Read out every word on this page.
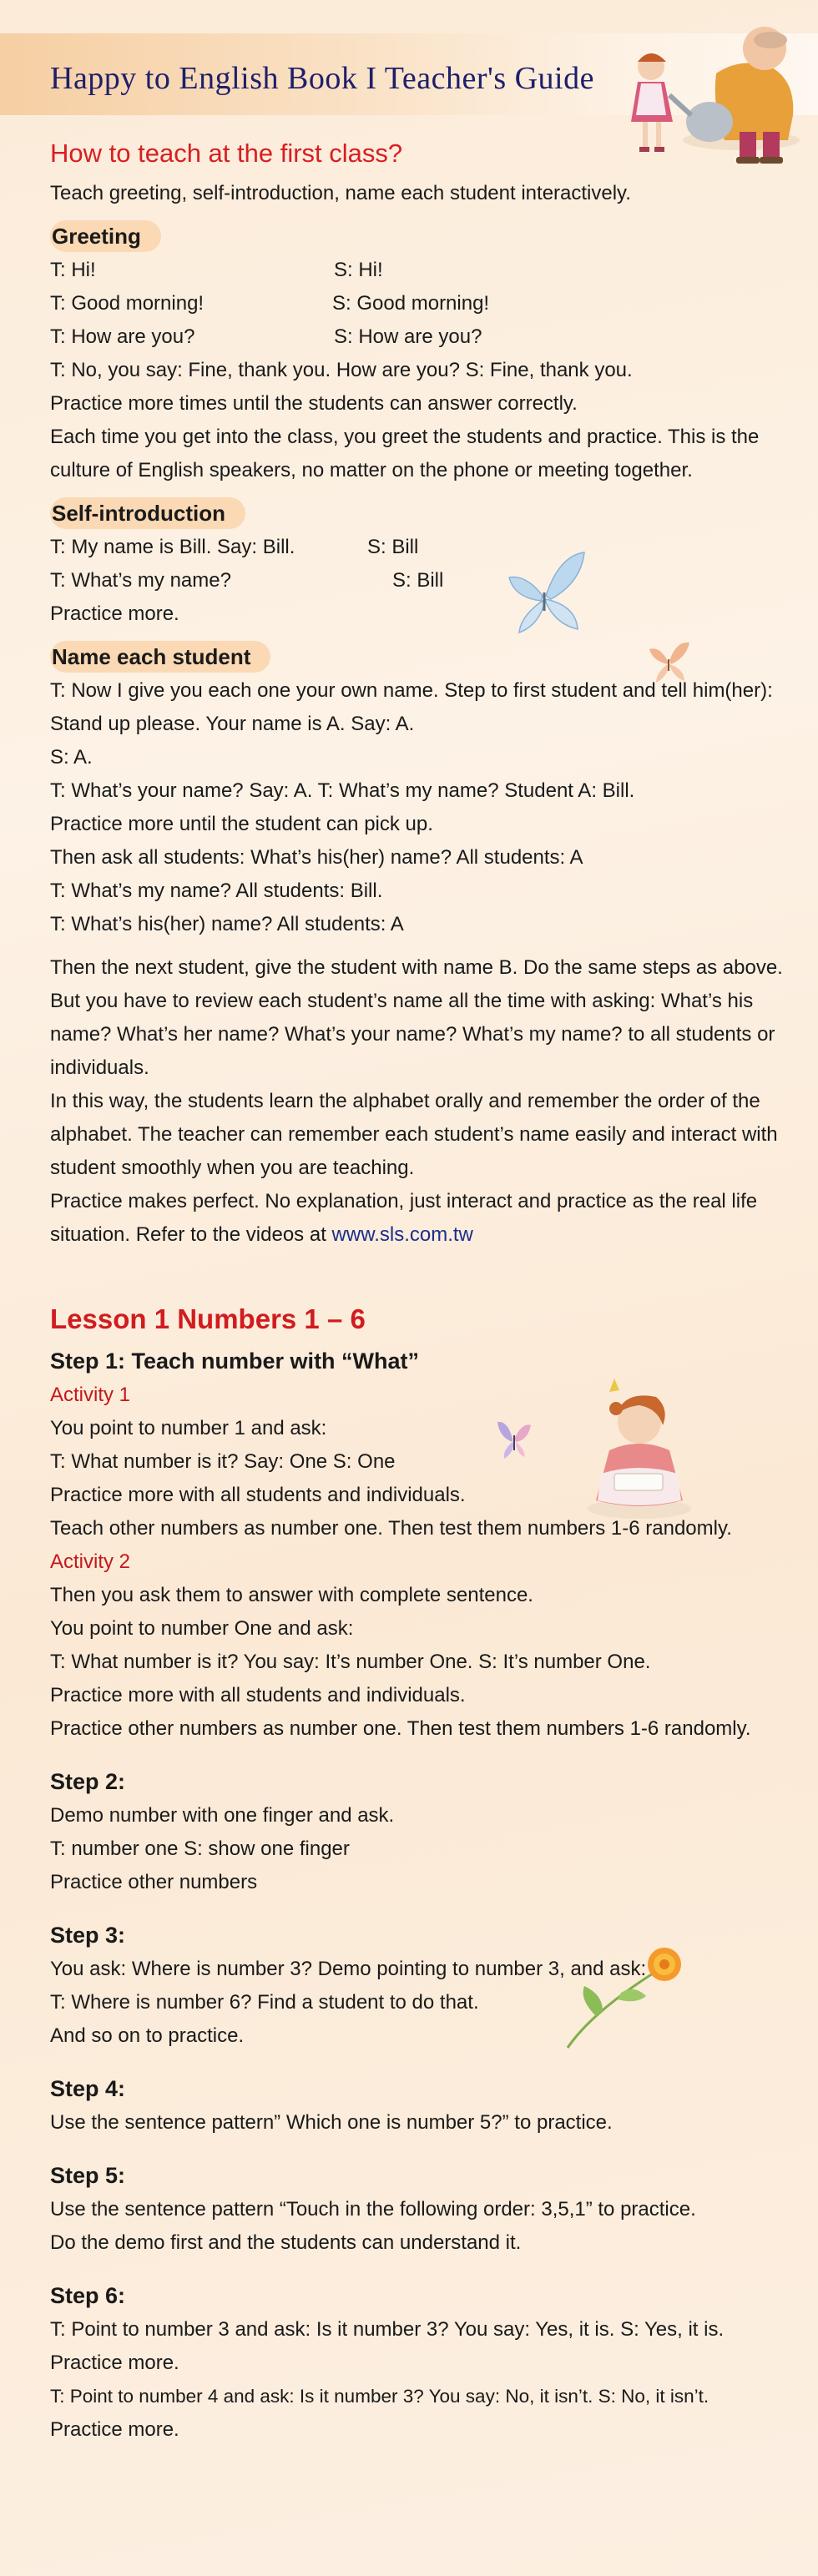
Happy to English Book I Teacher's Guide
How to teach at the first class?

Teach greeting, self-introduction, name each student interactively.

Greeting

T: Hi!	S: Hi!

T: Good morning!	S: Good morning!

T: How are you?	S: How are you?

T: No, you say: Fine, thank you. How are you? S: Fine, thank you.

Practice more times until the students can answer correctly.

Each time you get into the class, you greet the students and practice. This is the culture of English speakers, no matter on the phone or meeting together.

Self-introduction

T: My name is Bill. Say: Bill.	S: Bill

T: What’s my name?	S: Bill

Practice more.

Name each student

T: Now I give you each one your own name. Step to first student and tell him(her): Stand up please. Your name is A. Say: A.

S: A.

T: What’s your name? Say: A. T: What’s my name? Student A: Bill.

Practice more until the student can pick up.

Then ask all students: What’s his(her) name? All students: A

T: What’s my name? All students: Bill.

T: What’s his(her) name? All students: A

Then the next student, give the student with name B. Do the same steps as above.

But you have to review each student’s name all the time with asking: What’s his name? What’s her name? What’s your name? What’s my name? to all students or individuals.

In this way, the students learn the alphabet orally and remember the order of the alphabet. The teacher can remember each student’s name easily and interact with student smoothly when you are teaching.

Practice makes perfect. No explanation, just interact and practice as the real life situation. Refer to the videos at www.sls.com.tw

Lesson 1 Numbers 1 – 6

Step 1: Teach number with “What”

Activity 1

You point to number 1 and ask:

T: What number is it? Say: One S: One

Practice more with all students and individuals.

Teach other numbers as number one. Then test them numbers 1-6 randomly.

Activity 2

Then you ask them to answer with complete sentence.

You point to number One and ask:

T: What number is it? You say: It’s number One. S: It’s number One.

Practice more with all students and individuals.

Practice other numbers as number one. Then test them numbers 1-6 randomly.

Step 2:

Demo number with one finger and ask.

T: number one S: show one finger

Practice other numbers

Step 3:

You ask: Where is number 3? Demo pointing to number 3, and ask:

T: Where is number 6? Find a student to do that.

And so on to practice.

Step 4:

Use the sentence pattern” Which one is number 5?” to practice.

Step 5:

Use the sentence pattern “Touch in the following order: 3,5,1” to practice.

Do the demo first and the students can understand it.

Step 6:

T: Point to number 3 and ask: Is it number 3? You say: Yes, it is. S: Yes, it is.

Practice more.

T: Point to number 4 and ask: Is it number 3? You say: No, it isn’t. S: No, it isn’t.

Practice more.
